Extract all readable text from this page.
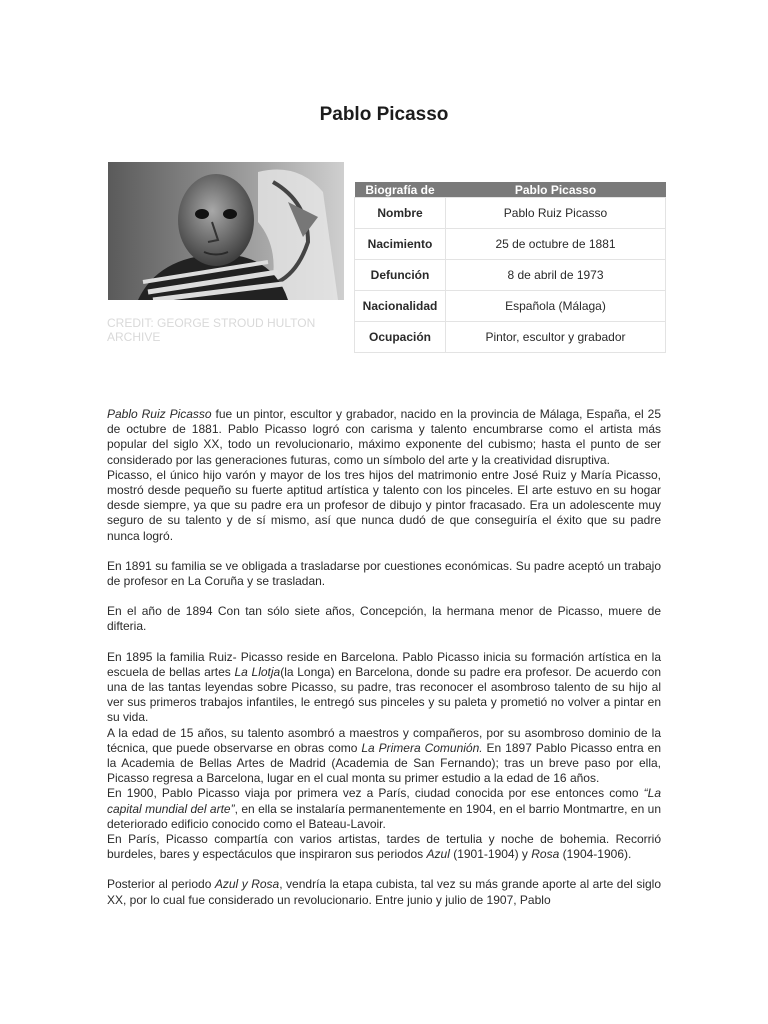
Pablo Picasso

CREDIT: GEORGE STROUD HULTON ARCHIVE

Biografía de	Pablo Picasso
Nombre	Pablo Ruiz Picasso
Nacimiento	25 de octubre de 1881
Defunción	8 de abril de 1973
Nacionalidad	Española (Málaga)
Ocupación	Pintor, escultor y grabador

Pablo Ruiz Picasso fue un pintor, escultor y grabador, nacido en la provincia de Málaga, España, el 25 de octubre de 1881. Pablo Picasso logró con carisma y talento encumbrarse como el artista más popular del siglo XX, todo un revolucionario, máximo exponente del cubismo; hasta el punto de ser considerado por las generaciones futuras, como un símbolo del arte y la creatividad disruptiva.
Picasso, el único hijo varón y mayor de los tres hijos del matrimonio entre José Ruiz y María Picasso, mostró desde pequeño su fuerte aptitud artística y talento con los pinceles. El arte estuvo en su hogar desde siempre, ya que su padre era un profesor de dibujo y pintor fracasado. Era un adolescente muy seguro de su talento y de sí mismo, así que nunca dudó de que conseguiría el éxito que su padre nunca logró.

En 1891 su familia se ve obligada a trasladarse por cuestiones económicas. Su padre aceptó un trabajo de profesor en La Coruña y se trasladan.

En el año de 1894 Con tan sólo siete años, Concepción, la hermana menor de Picasso, muere de difteria.

En 1895 la familia Ruiz- Picasso reside en Barcelona. Pablo Picasso inicia su formación artística en la escuela de bellas artes La Llotja(la Longa) en Barcelona, donde su padre era profesor. De acuerdo con una de las tantas leyendas sobre Picasso, su padre, tras reconocer el asombroso talento de su hijo al ver sus primeros trabajos infantiles, le entregó sus pinceles y su paleta y prometió no volver a pintar en su vida.
A la edad de 15 años, su talento asombró a maestros y compañeros, por su asombroso dominio de la técnica, que puede observarse en obras como La Primera Comunión. En 1897 Pablo Picasso entra en la Academia de Bellas Artes de Madrid (Academia de San Fernando); tras un breve paso por ella, Picasso regresa a Barcelona, lugar en el cual monta su primer estudio a la edad de 16 años.
En 1900, Pablo Picasso viaja por primera vez a París, ciudad conocida por ese entonces como “La capital mundial del arte”, en ella se instalaría permanentemente en 1904, en el barrio Montmartre, en un deteriorado edificio conocido como el Bateau-Lavoir.
En París, Picasso compartía con varios artistas, tardes de tertulia y noche de bohemia. Recorrió burdeles, bares y espectáculos que inspiraron sus periodos Azul (1901-1904) y Rosa (1904-1906).

Posterior al periodo Azul y Rosa, vendría la etapa cubista, tal vez su más grande aporte al arte del siglo XX, por lo cual fue considerado un revolucionario. Entre junio y julio de 1907, Pablo
